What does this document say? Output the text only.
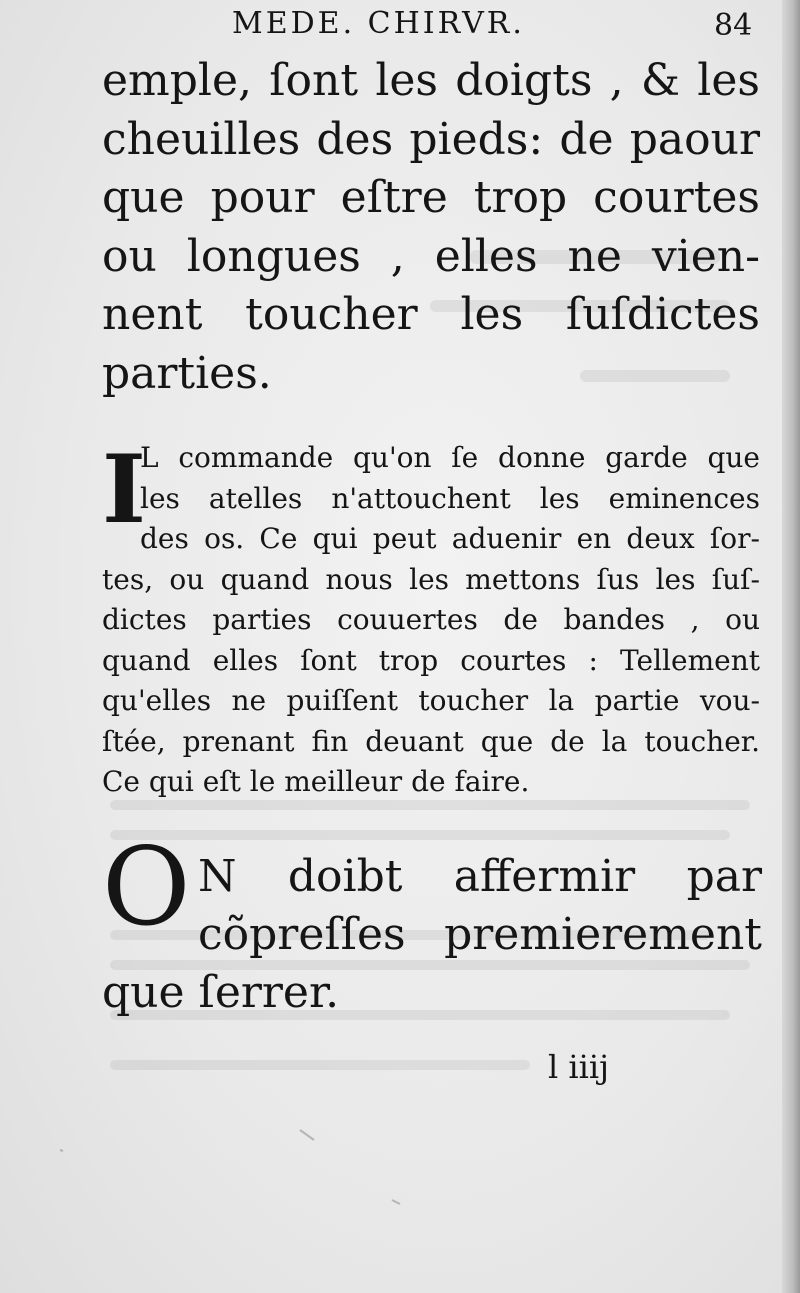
MEDE. CHIRVR.	84
emple, ſont les doigts , & les
cheuilles des pieds: de paour
que pour eſtre trop courtes
ou longues , elles ne vien-
nent toucher les ſuſdictes
parties.
I
L commande qu'on ſe donne garde que
les atelles n'attouchent les eminences
des os. Ce qui peut aduenir en deux ſor-
tes, ou quand nous les mettons ſus les ſuſ-
dictes parties couuertes de bandes , ou
quand elles ſont trop courtes : Tellement
qu'elles ne puiſſent toucher la partie vou-
ſtée, prenant fin deuant que de la toucher.
Ce qui eſt le meilleur de faire.
O N doibt affermir par
cõpreſſes premierement
que ſerrer.
l iiij
